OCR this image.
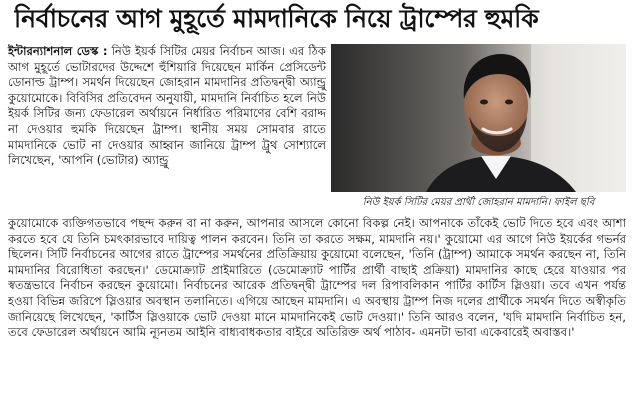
নির্বাচনের আগ মুহূর্তে মামদানিকে নিয়ে ট্রাম্পের হুমকি

ইন্টারন্যাশনাল ডেস্ক : নিউ ইয়র্ক সিটির মেয়র নির্বাচন আজ। এর ঠিক আগ মুহূর্তে ভোটারদের উদ্দেশে হুঁশিয়ারি দিয়েছেন মার্কিন প্রেসিডেন্ট ডোনাল্ড ট্রাম্প। সমর্থন দিয়েছেন জোহরান মামদানির প্রতিদ্বন্দ্বী অ্যান্ড্রু কুয়োমোকে। বিবিসির প্রতিবেদন অনুযায়ী, মামদানি নির্বাচিত হলে নিউ ইয়র্ক সিটির জন্য ফেডারেল অর্থায়নে নির্ধারিত পরিমাণের বেশি বরাদ্দ না দেওয়ার হুমকি দিয়েছেন ট্রাম্প। স্থানীয় সময় সোমবার রাতে মামদানিকে ভোট না দেওয়ার আহ্বান জানিয়ে ট্রাম্প ট্রুথ সোশ্যালে লিখেছেন, 'আপনি (ভোটার) অ্যান্ড্রু

নিউ ইয়র্ক সিটির মেয়র প্রার্থী জোহরান মামদানি। ফাইল ছবি

কুয়োমোকে ব্যক্তিগতভাবে পছন্দ করুন বা না করুন, আপনার আসলে কোনো বিকল্প নেই। আপনাকে তাঁকেই ভোট দিতে হবে এবং আশা করতে হবে যে তিনি চমৎকারভাবে দায়িত্ব পালন করবেন। তিনি তা করতে সক্ষম, মামদানি নয়।' কুয়োমো এর আগে নিউ ইয়র্কের গভর্নর ছিলেন। সিটি নির্বাচনের আগের রাতে ট্রাম্পের সমর্থনের প্রতিক্রিয়ায় কুয়োমো বলেছেন, 'তিনি (ট্রাম্প) আমাকে সমর্থন করছেন না, তিনি মামদানির বিরোধিতা করছেন।' ডেমোক্র্যাট প্রাইমারিতে (ডেমোক্র্যাট পার্টির প্রার্থী বাছাই প্রক্রিয়া) মামদানির কাছে হেরে যাওয়ার পর স্বতন্ত্রভাবে নির্বাচন করছেন কুয়োমো। নির্বাচনের আরেক প্রতিদ্বন্দ্বী ট্রাম্পের দল রিপাবলিকান পার্টির কার্টিস স্লিওয়া। তবে এখন পর্যন্ত হওয়া বিভিন্ন জরিপে স্লিওয়ার অবস্থান তলানিতে। এগিয়ে আছেন মামদানি। এ অবস্থায় ট্রাম্প নিজ দলের প্রার্থীকে সমর্থন দিতে অস্বীকৃতি জানিয়েছে লিখেছেন, 'কার্টিস স্লিওয়াকে ভোট দেওয়া মানে মামদানিকেই ভোট দেওয়া।' তিনি আরও বলেন, 'যদি মামদানি নির্বাচিত হন, তবে ফেডারেল অর্থায়নে আমি ন্যূনতম আইনি বাধ্যবাধকতার বাইরে অতিরিক্ত অর্থ পাঠাব- এমনটা ভাবা একেবারেই অবাস্তব।'
